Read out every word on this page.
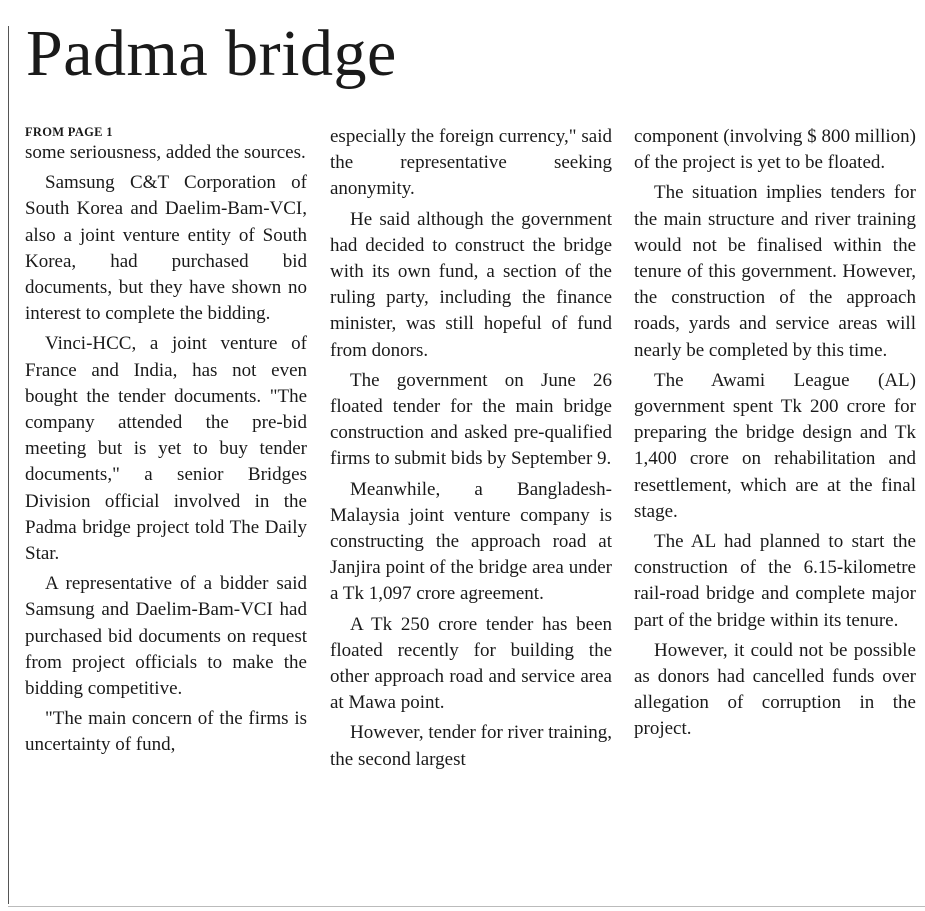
Padma bridge
FROM PAGE 1

some seriousness, added the sources.

Samsung C&T Corporation of South Korea and Daelim-Bam-VCI, also a joint venture entity of South Korea, had purchased bid documents, but they have shown no interest to complete the bidding.

Vinci-HCC, a joint venture of France and India, has not even bought the tender documents. "The company attended the pre-bid meeting but is yet to buy tender documents," a senior Bridges Division official involved in the Padma bridge project told The Daily Star.

A representative of a bidder said Samsung and Daelim-Bam-VCI had purchased bid documents on request from project officials to make the bidding competitive.

"The main concern of the firms is uncertainty of fund,

especially the foreign currency," said the representative seeking anonymity.

He said although the government had decided to construct the bridge with its own fund, a section of the ruling party, including the finance minister, was still hopeful of fund from donors.

The government on June 26 floated tender for the main bridge construction and asked pre-qualified firms to submit bids by September 9.

Meanwhile, a Bangladesh-Malaysia joint venture company is constructing the approach road at Janjira point of the bridge area under a Tk 1,097 crore agreement.

A Tk 250 crore tender has been floated recently for building the other approach road and service area at Mawa point.

However, tender for river training, the second largest

component (involving $ 800 million) of the project is yet to be floated.

The situation implies tenders for the main structure and river training would not be finalised within the tenure of this government. However, the construction of the approach roads, yards and service areas will nearly be completed by this time.

The Awami League (AL) government spent Tk 200 crore for preparing the bridge design and Tk 1,400 crore on rehabilitation and resettlement, which are at the final stage.

The AL had planned to start the construction of the 6.15-kilometre rail-road bridge and complete major part of the bridge within its tenure.

However, it could not be possible as donors had cancelled funds over allegation of corruption in the project.
